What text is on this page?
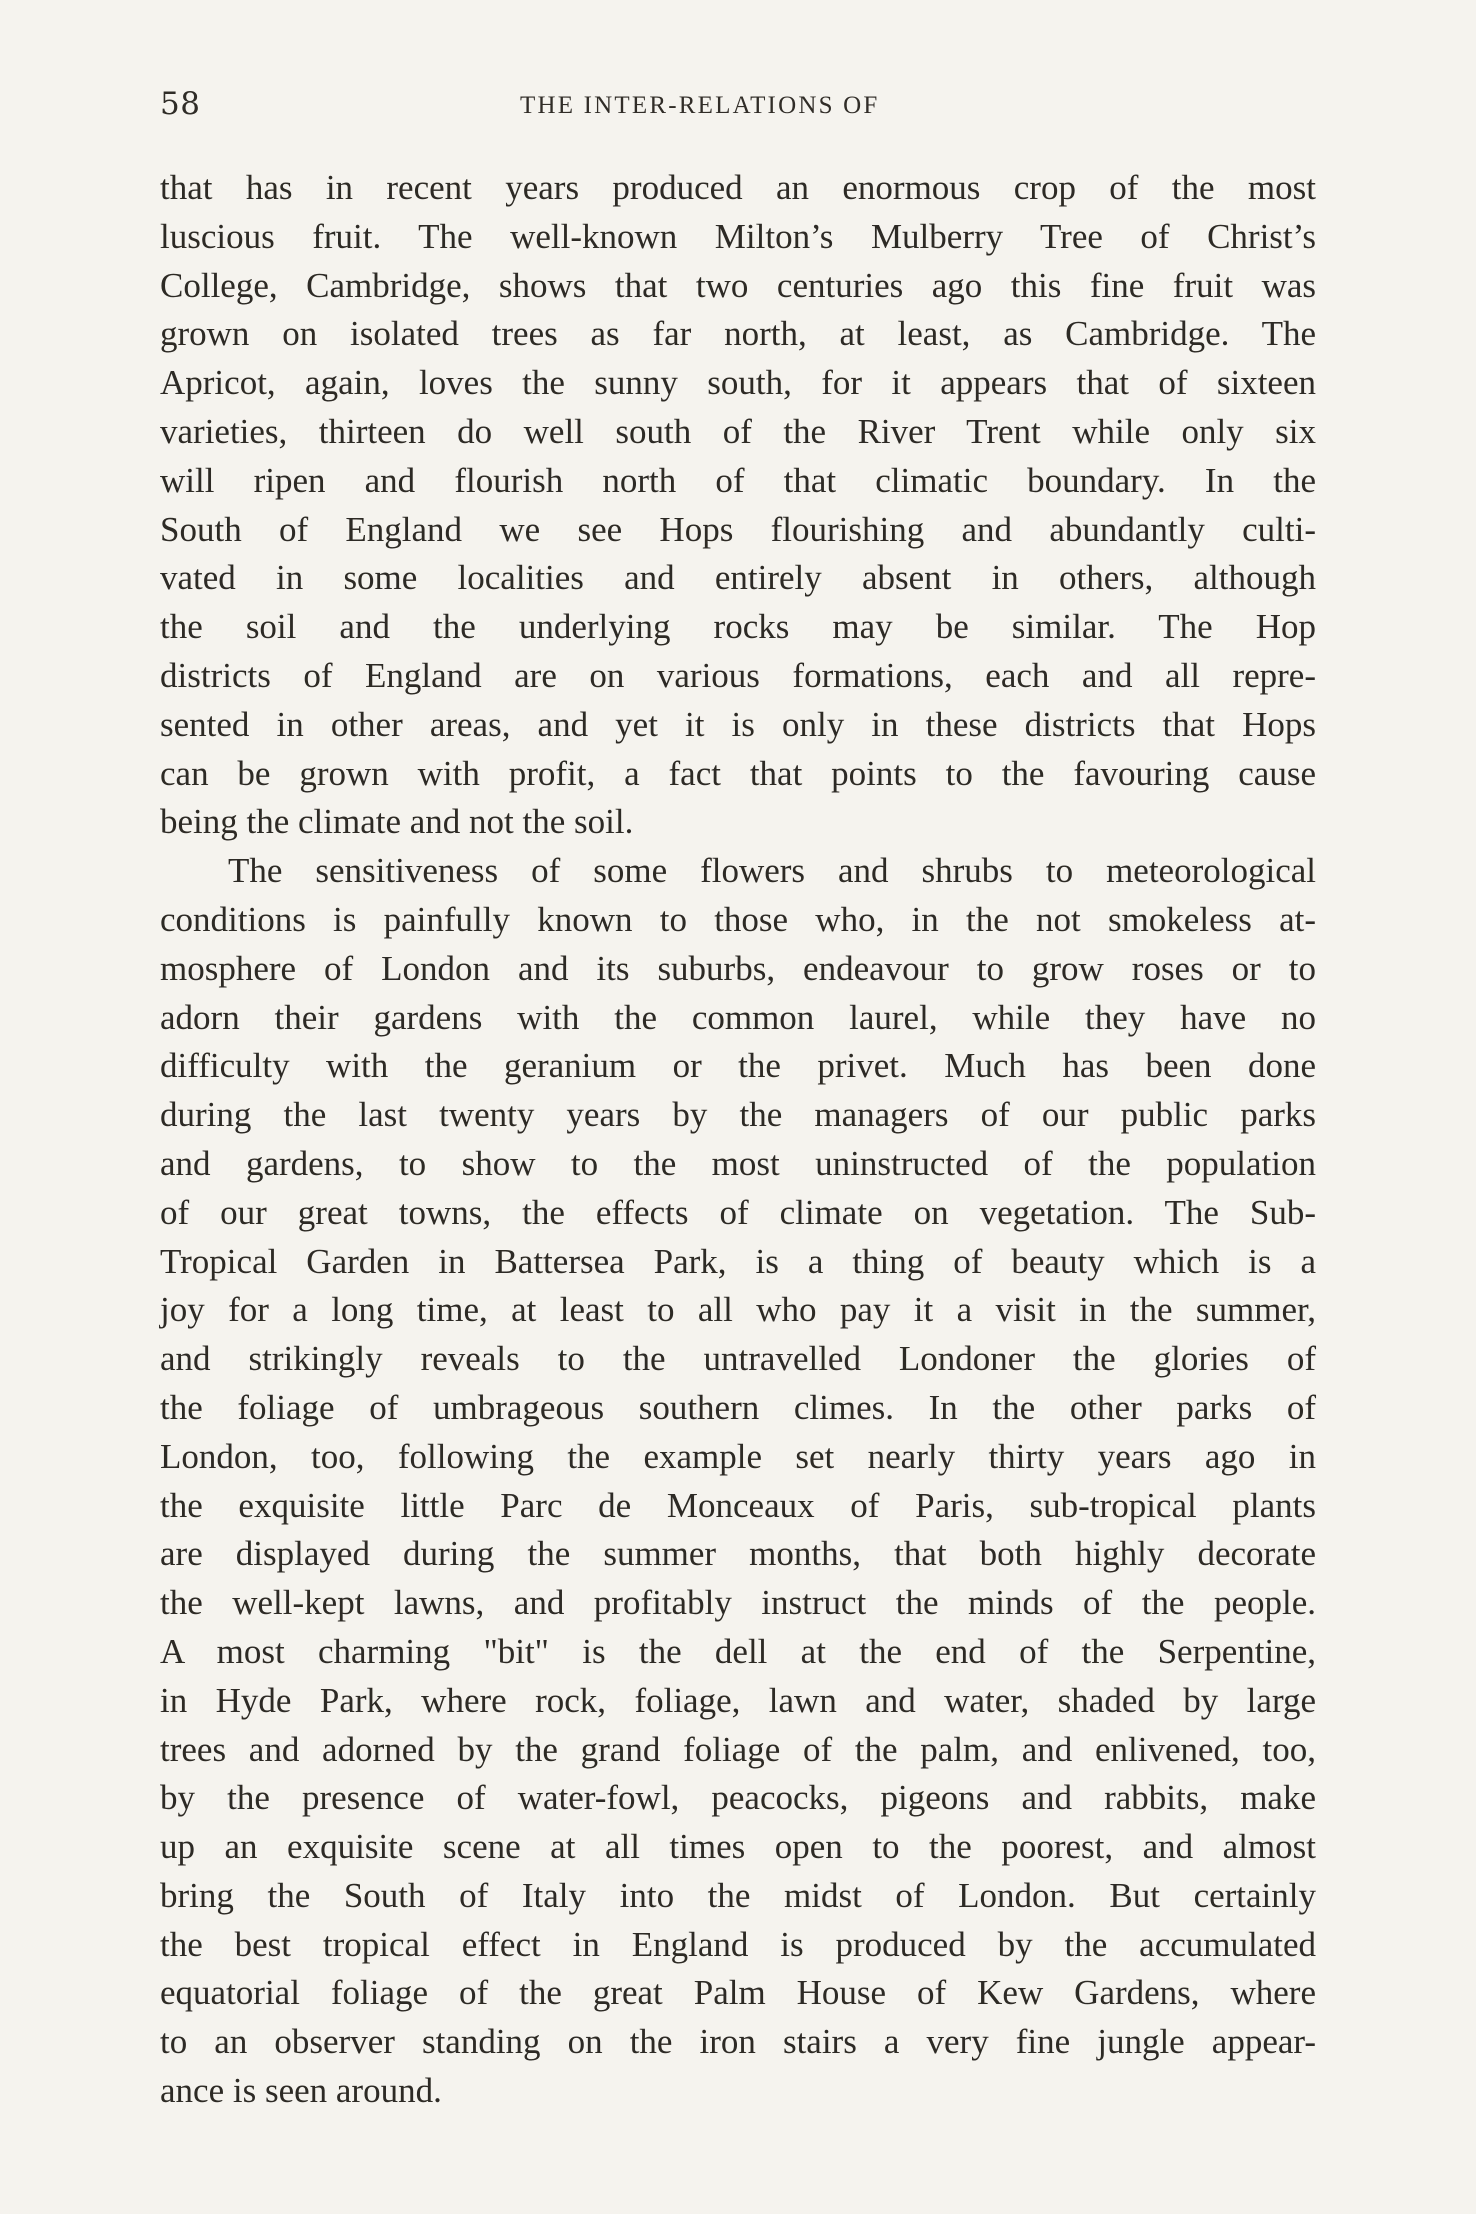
58	THE INTER-RELATIONS OF
that has in recent years produced an enormous crop of the most
luscious fruit. The well-known Milton’s Mulberry Tree of Christ’s
College, Cambridge, shows that two centuries ago this fine fruit was
grown on isolated trees as far north, at least, as Cambridge. The
Apricot, again, loves the sunny south, for it appears that of sixteen
varieties, thirteen do well south of the River Trent while only six
will ripen and flourish north of that climatic boundary. In the
South of England we see Hops flourishing and abundantly culti-
vated in some localities and entirely absent in others, although
the soil and the underlying rocks may be similar. The Hop
districts of England are on various formations, each and all repre-
sented in other areas, and yet it is only in these districts that Hops
can be grown with profit, a fact that points to the favouring cause
being the climate and not the soil.
The sensitiveness of some flowers and shrubs to meteorological
conditions is painfully known to those who, in the not smokeless at-
mosphere of London and its suburbs, endeavour to grow roses or to
adorn their gardens with the common laurel, while they have no
difficulty with the geranium or the privet. Much has been done
during the last twenty years by the managers of our public parks
and gardens, to show to the most uninstructed of the population
of our great towns, the effects of climate on vegetation. The Sub-
Tropical Garden in Battersea Park, is a thing of beauty which is a
joy for a long time, at least to all who pay it a visit in the summer,
and strikingly reveals to the untravelled Londoner the glories of
the foliage of umbrageous southern climes. In the other parks of
London, too, following the example set nearly thirty years ago in
the exquisite little Parc de Monceaux of Paris, sub-tropical plants
are displayed during the summer months, that both highly decorate
the well-kept lawns, and profitably instruct the minds of the people.
A most charming "bit" is the dell at the end of the Serpentine,
in Hyde Park, where rock, foliage, lawn and water, shaded by large
trees and adorned by the grand foliage of the palm, and enlivened, too,
by the presence of water-fowl, peacocks, pigeons and rabbits, make
up an exquisite scene at all times open to the poorest, and almost
bring the South of Italy into the midst of London. But certainly
the best tropical effect in England is produced by the accumulated
equatorial foliage of the great Palm House of Kew Gardens, where
to an observer standing on the iron stairs a very fine jungle appear-
ance is seen around.
